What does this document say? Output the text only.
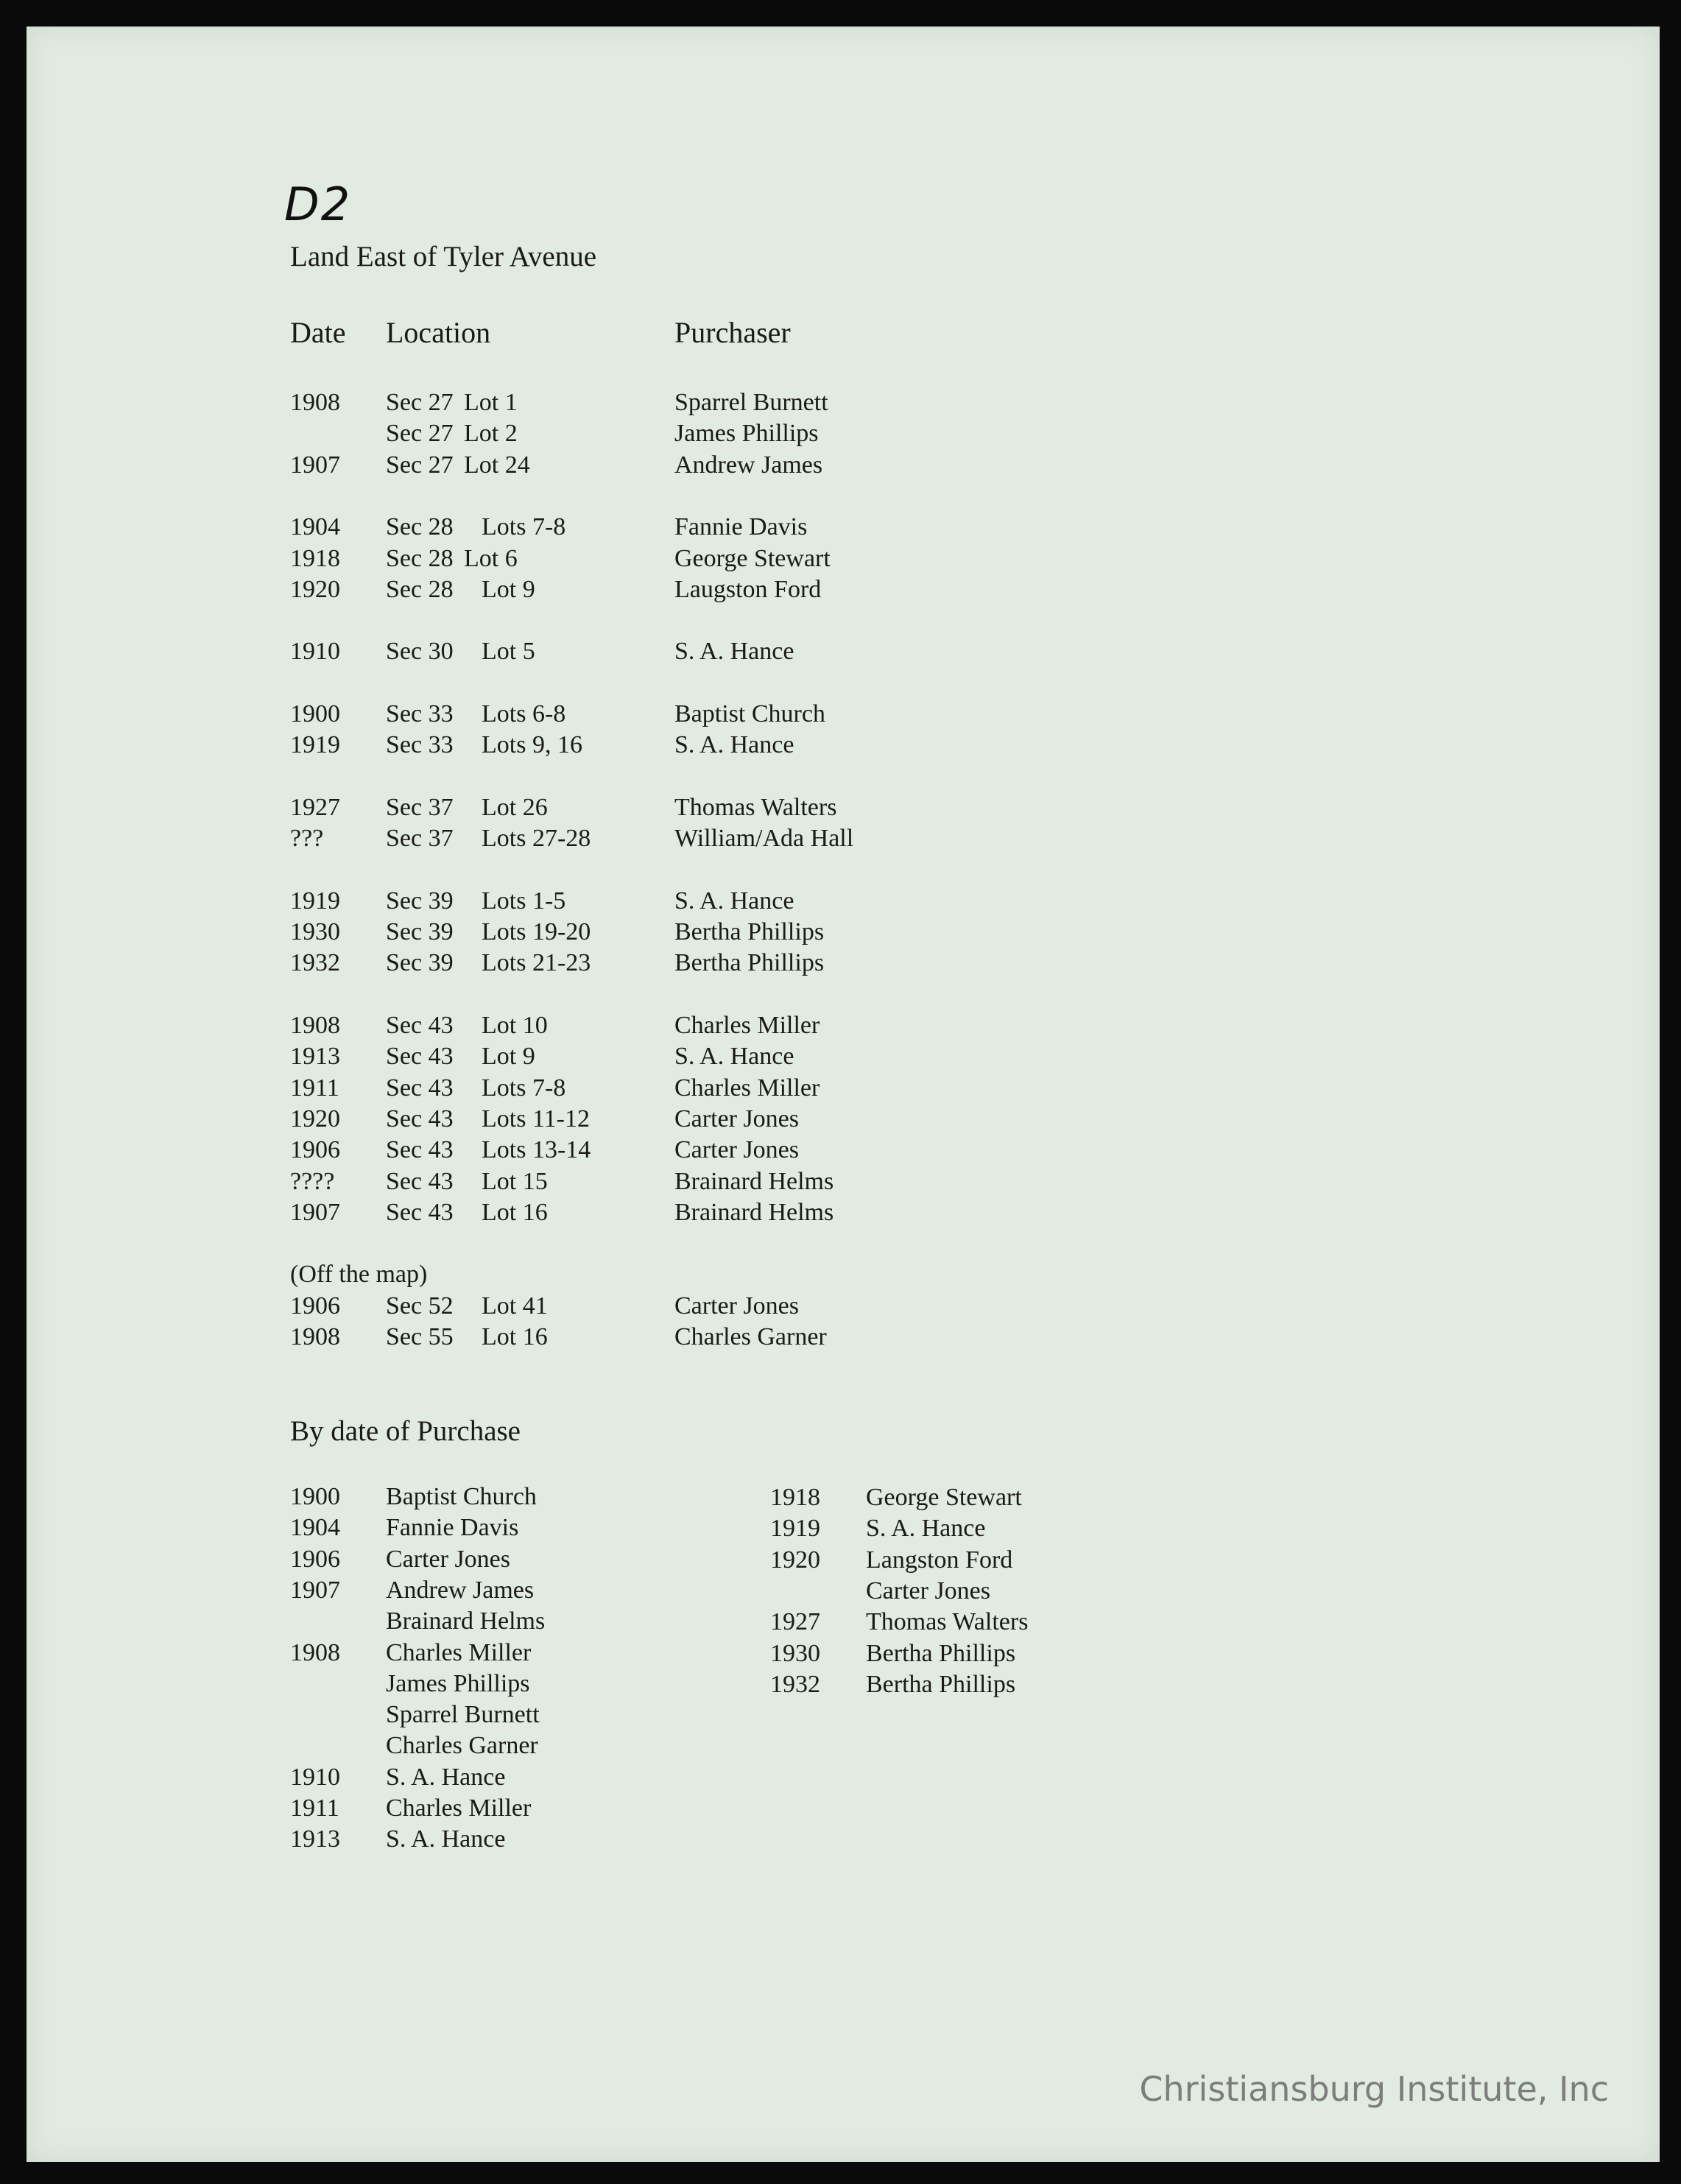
D2
Land East of Tyler Avenue
Date Location	Purchaser
1908 Sec 27 Lot 1	Sparrel Burnett
Sec 27 Lot 2	James Phillips
1907 Sec 27 Lot 24	Andrew James
1904 Sec 28 Lots 7-8	Fannie Davis
1918 Sec 28 Lot 6	George Stewart
1920 Sec 28 Lot 9	Laugston Ford
1910 Sec 30 Lot 5	S. A. Hance
1900 Sec 33 Lots 6-8	Baptist Church
1919 Sec 33 Lots 9, 16	S. A. Hance
1927 Sec 37 Lot 26	Thomas Walters
??? Sec 37 Lots 27-28	William/Ada Hall
1919 Sec 39 Lots 1-5	S. A. Hance
1930 Sec 39 Lots 19-20	Bertha Phillips
1932 Sec 39 Lots 21-23	Bertha Phillips
1908 Sec 43 Lot 10	Charles Miller
1913 Sec 43 Lot 9	S. A. Hance
1911 Sec 43 Lots 7-8	Charles Miller
1920 Sec 43 Lots 11-12	Carter Jones
1906 Sec 43 Lots 13-14	Carter Jones
???? Sec 43 Lot 15	Brainard Helms
1907 Sec 43 Lot 16	Brainard Helms
1906 Sec 52 Lot 41	Carter Jones
1908 Sec 55 Lot 16	Charles Garner
(Off the map)
By date of Purchase
1900 Baptist Church
1904 Fannie Davis
1906 Carter Jones
1907 Andrew James
Brainard Helms
1908 Charles Miller
James Phillips
Sparrel Burnett
Charles Garner
1910 S. A. Hance
1911 Charles Miller
1913 S. A. Hance
1918 George Stewart
1919 S. A. Hance
1920 Langston Ford
Carter Jones
1927 Thomas Walters
1930 Bertha Phillips
1932 Bertha Phillips
Christiansburg Institute, Inc
